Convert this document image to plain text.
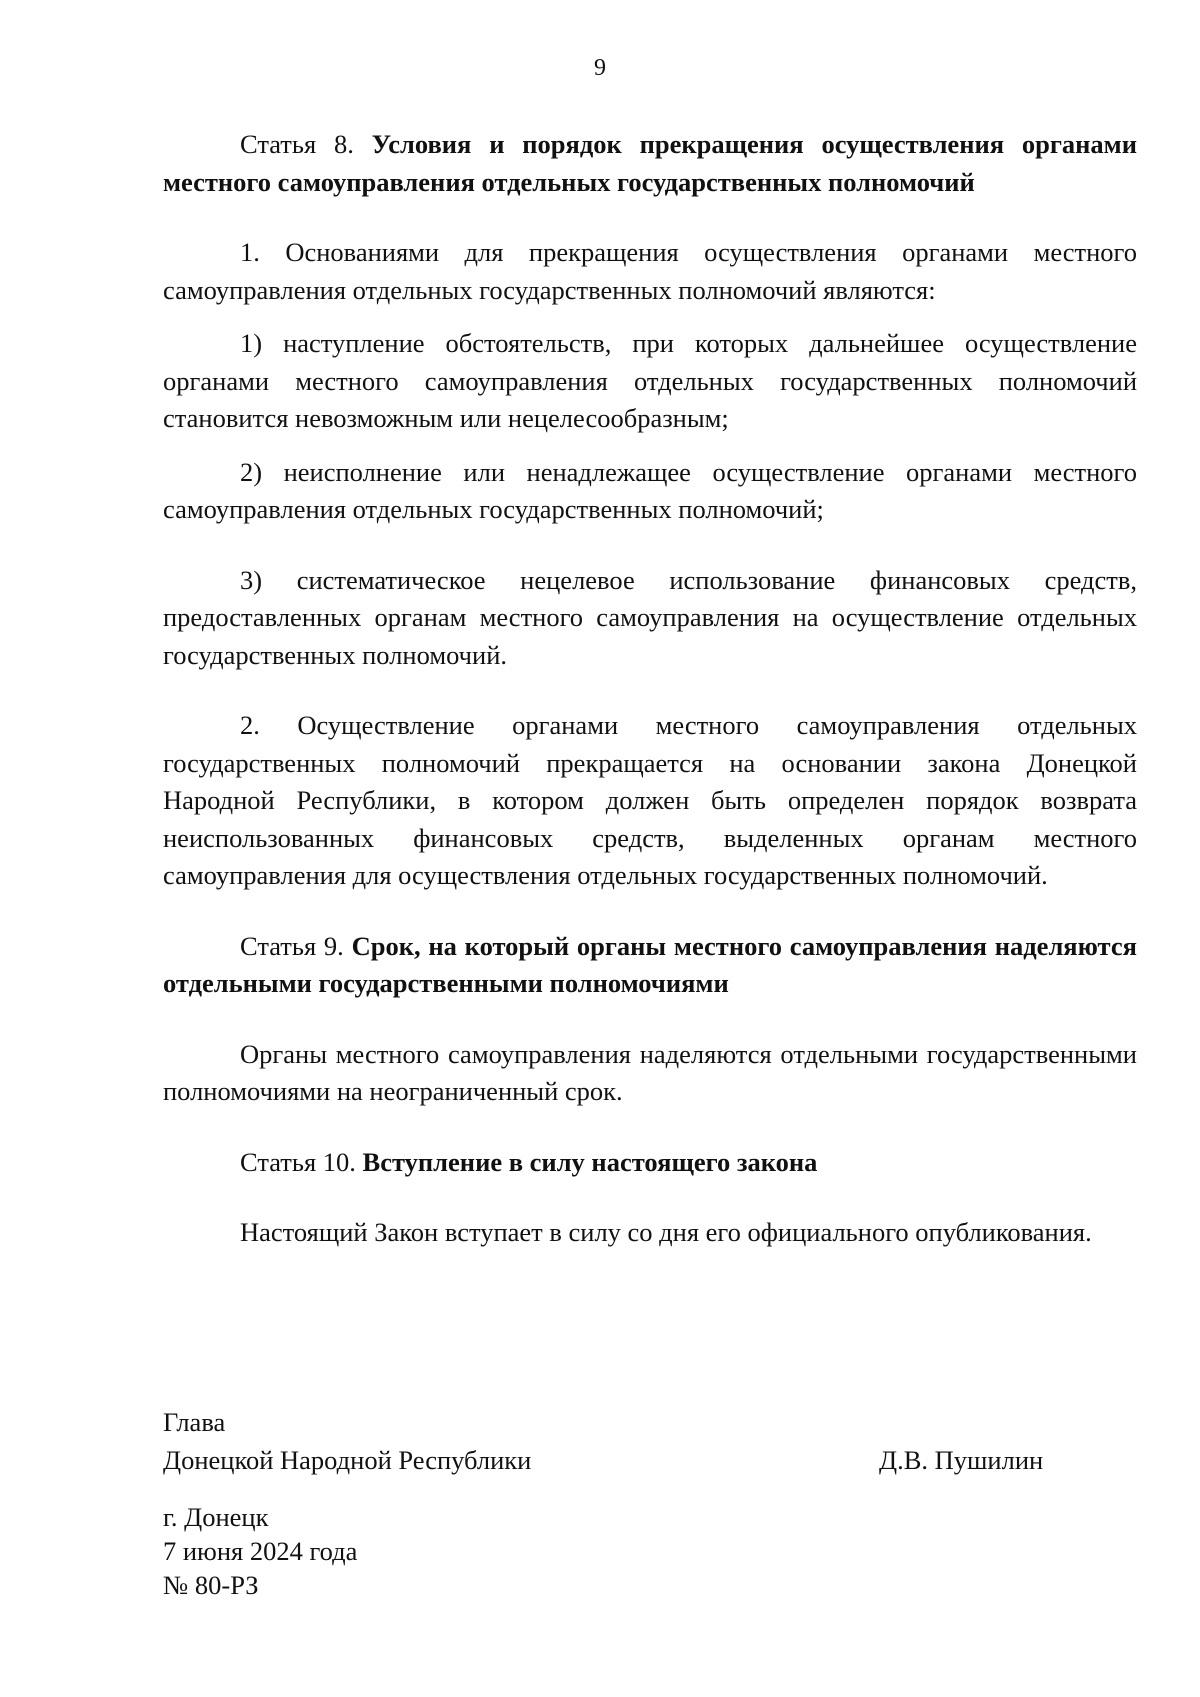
9

Статья 8. Условия и порядок прекращения осуществления органами местного самоуправления отдельных государственных полномочий

1. Основаниями для прекращения осуществления органами местного самоуправления отдельных государственных полномочий являются:

1) наступление обстоятельств, при которых дальнейшее осуществление органами местного самоуправления отдельных государственных полномочий становится невозможным или нецелесообразным;

2) неисполнение или ненадлежащее осуществление органами местного самоуправления отдельных государственных полномочий;

3) систематическое нецелевое использование финансовых средств, предоставленных органам местного самоуправления на осуществление отдельных государственных полномочий.

2. Осуществление органами местного самоуправления отдельных государственных полномочий прекращается на основании закона Донецкой Народной Республики, в котором должен быть определен порядок возврата неиспользованных финансовых средств, выделенных органам местного самоуправления для осуществления отдельных государственных полномочий.

Статья 9. Срок, на который органы местного самоуправления наделяются отдельными государственными полномочиями

Органы местного самоуправления наделяются отдельными государственными полномочиями на неограниченный срок.

Статья 10. Вступление в силу настоящего закона

Настоящий Закон вступает в силу со дня его официального опубликования.

Глава
Донецкой Народной Республики	Д.В. Пушилин
г. Донецк
7 июня 2024 года
№ 80-РЗ
